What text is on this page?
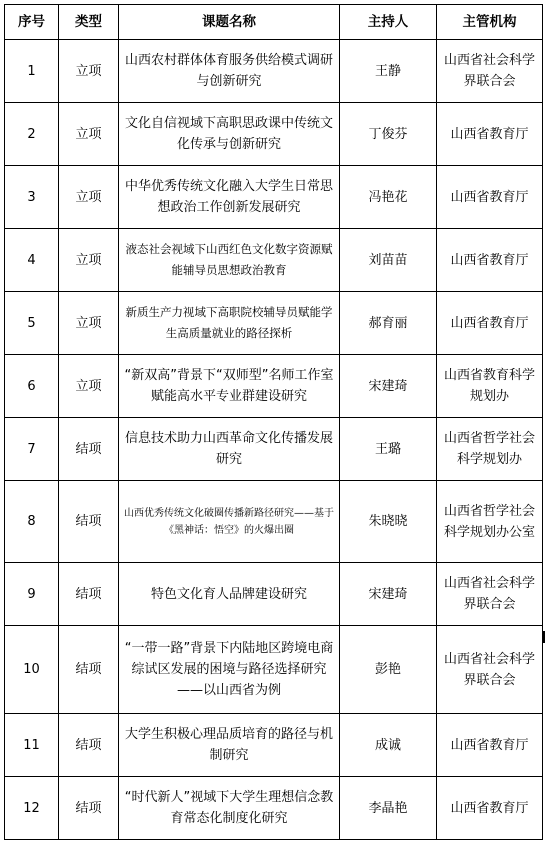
序号	类型	课题名称	主持人	主管机构
1	立项	山西农村群体体育服务供给模式调研与创新研究	王静	山西省社会科学界联合会
2	立项	文化自信视域下高职思政课中传统文化传承与创新研究	丁俊芬	山西省教育厅
3	立项	中华优秀传统文化融入大学生日常思想政治工作创新发展研究	冯艳花	山西省教育厅
4	立项	液态社会视域下山西红色文化数字资源赋能辅导员思想政治教育	刘苗苗	山西省教育厅
5	立项	新质生产力视域下高职院校辅导员赋能学生高质量就业的路径探析	郝育丽	山西省教育厅
6	立项	“新双高”背景下“双师型”名师工作室赋能高水平专业群建设研究	宋建琦	山西省教育科学规划办
7	结项	信息技术助力山西革命文化传播发展研究	王璐	山西省哲学社会科学规划办
8	结项	山西优秀传统文化破圈传播新路径研究——基于《黑神话：悟空》的火爆出圈	朱晓晓	山西省哲学社会科学规划办公室
9	结项	特色文化育人品牌建设研究	宋建琦	山西省社会科学界联合会
10	结项	“一带一路”背景下内陆地区跨境电商综试区发展的困境与路径选择研究——以山西省为例	彭艳	山西省社会科学界联合会
11	结项	大学生积极心理品质培育的路径与机制研究	成诚	山西省教育厅
12	结项	“时代新人”视域下大学生理想信念教育常态化制度化研究	李晶艳	山西省教育厅
